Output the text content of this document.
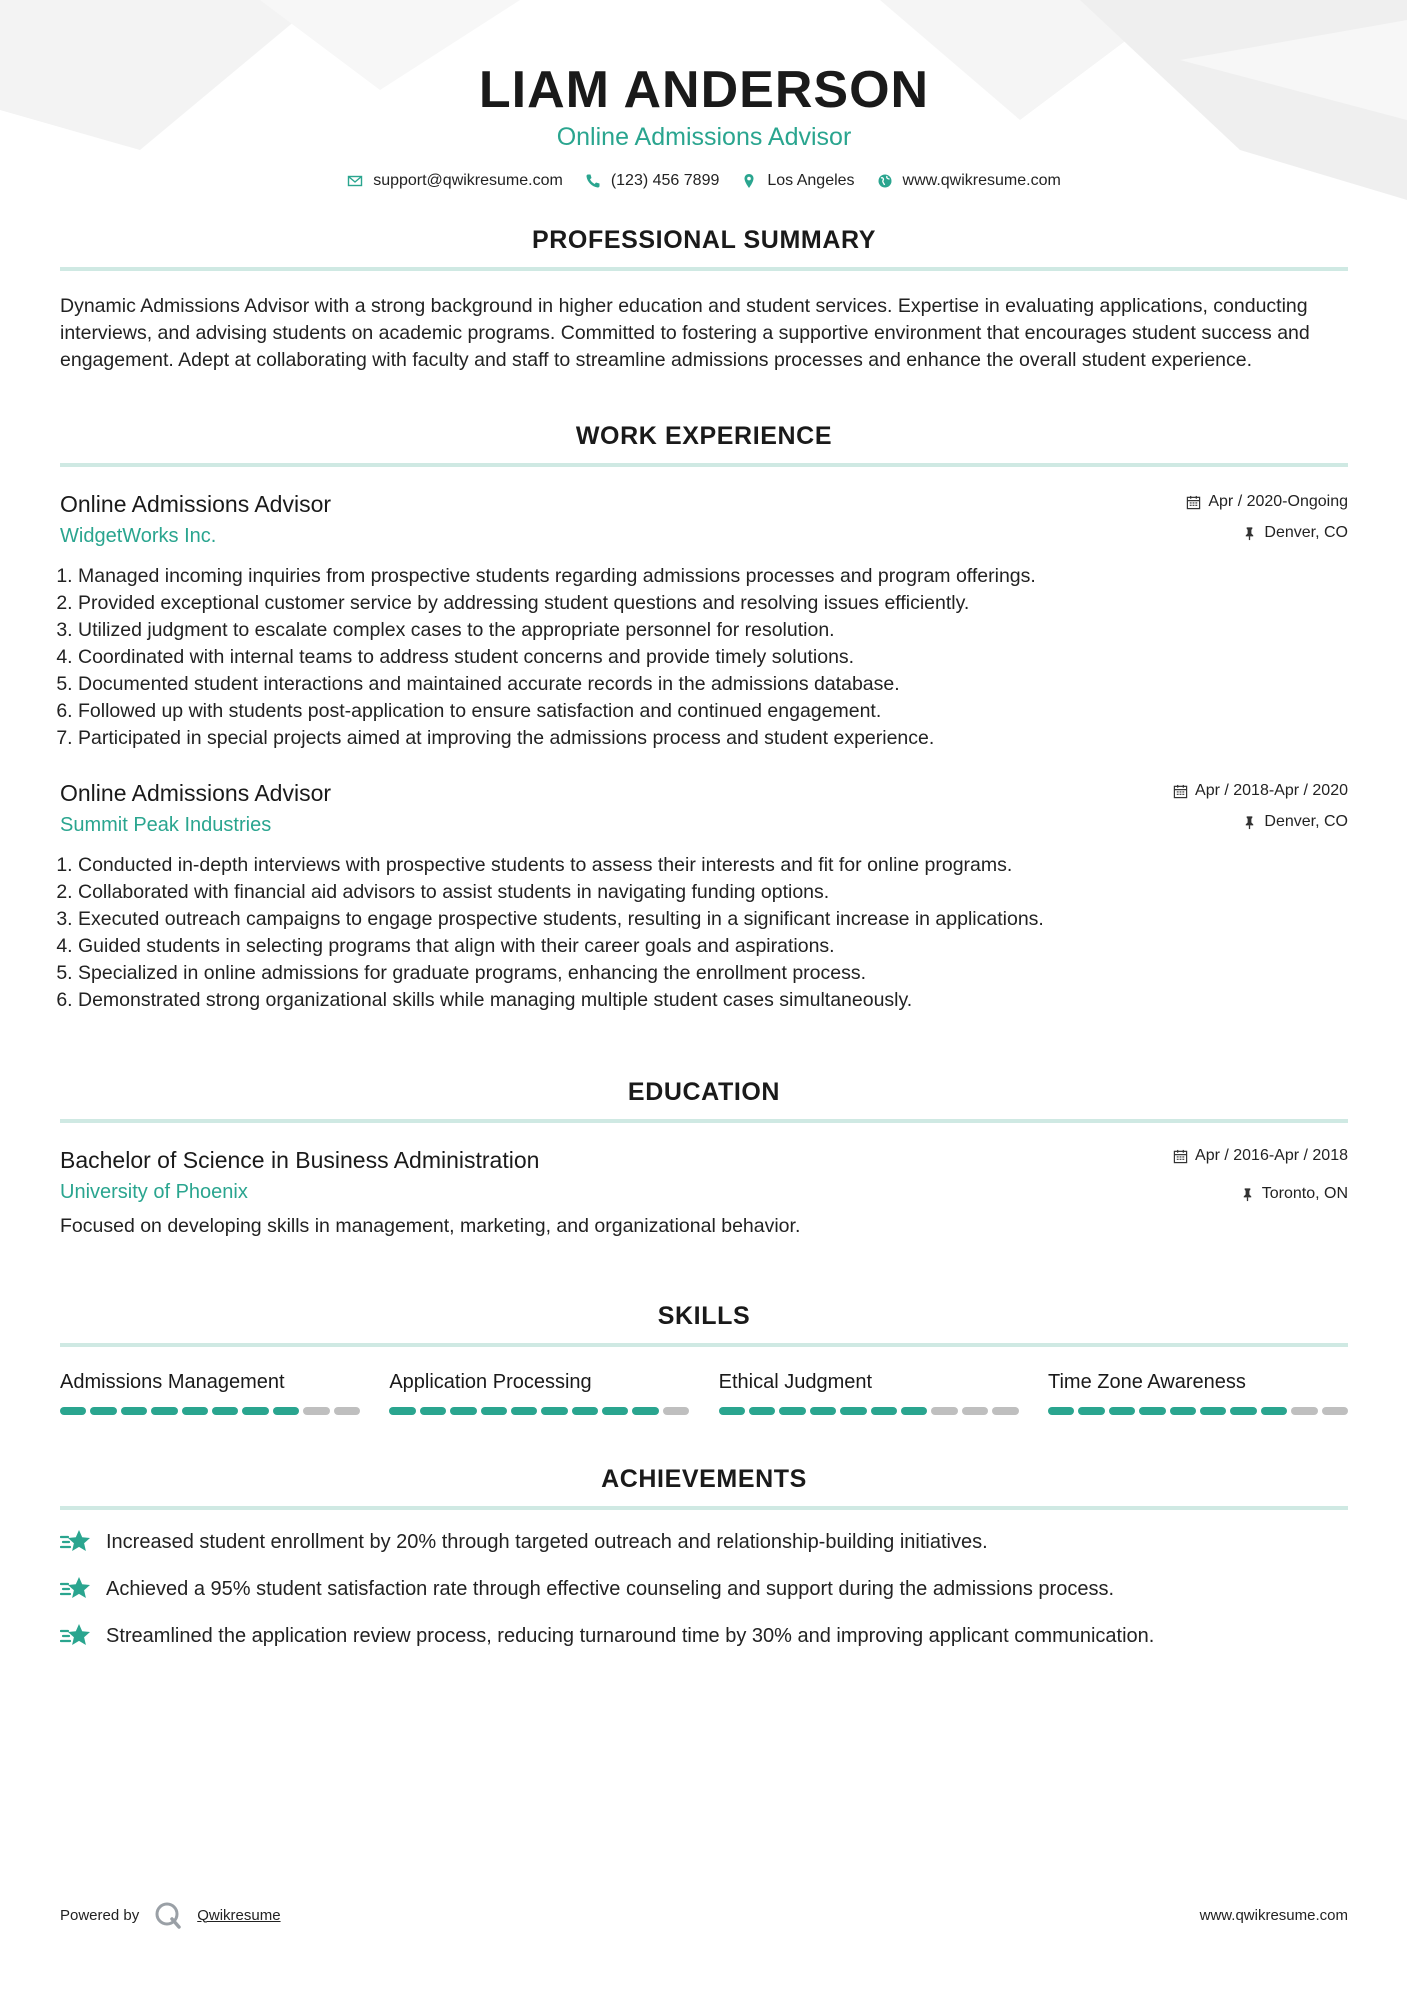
LIAM ANDERSON
Online Admissions Advisor
support@qwikresume.com	(123) 456 7899	Los Angeles	www.qwikresume.com
PROFESSIONAL SUMMARY
Dynamic Admissions Advisor with a strong background in higher education and student services. Expertise in evaluating applications, conducting interviews, and advising students on academic programs. Committed to fostering a supportive environment that encourages student success and engagement. Adept at collaborating with faculty and staff to streamline admissions processes and enhance the overall student experience.
WORK EXPERIENCE
Apr / 2020-Ongoing
Denver, CO
Online Admissions Advisor
WidgetWorks Inc.
1. Managed incoming inquiries from prospective students regarding admissions processes and program offerings.
2. Provided exceptional customer service by addressing student questions and resolving issues efficiently.
3. Utilized judgment to escalate complex cases to the appropriate personnel for resolution.
4. Coordinated with internal teams to address student concerns and provide timely solutions.
5. Documented student interactions and maintained accurate records in the admissions database.
6. Followed up with students post-application to ensure satisfaction and continued engagement.
7. Participated in special projects aimed at improving the admissions process and student experience.
Apr / 2018-Apr / 2020
Denver, CO
Online Admissions Advisor
Summit Peak Industries
1. Conducted in-depth interviews with prospective students to assess their interests and fit for online programs.
2. Collaborated with financial aid advisors to assist students in navigating funding options.
3. Executed outreach campaigns to engage prospective students, resulting in a significant increase in applications.
4. Guided students in selecting programs that align with their career goals and aspirations.
5. Specialized in online admissions for graduate programs, enhancing the enrollment process.
6. Demonstrated strong organizational skills while managing multiple student cases simultaneously.
EDUCATION
Apr / 2016-Apr / 2018
Toronto, ON
Bachelor of Science in Business Administration
University of Phoenix
Focused on developing skills in management, marketing, and organizational behavior.
SKILLS
Admissions Management	Application Processing	Ethical Judgment	Time Zone Awareness
ACHIEVEMENTS
Increased student enrollment by 20% through targeted outreach and relationship-building initiatives.
Achieved a 95% student satisfaction rate through effective counseling and support during the admissions process.
Streamlined the application review process, reducing turnaround time by 30% and improving applicant communication.
Powered by	Qwikresume	www.qwikresume.com
